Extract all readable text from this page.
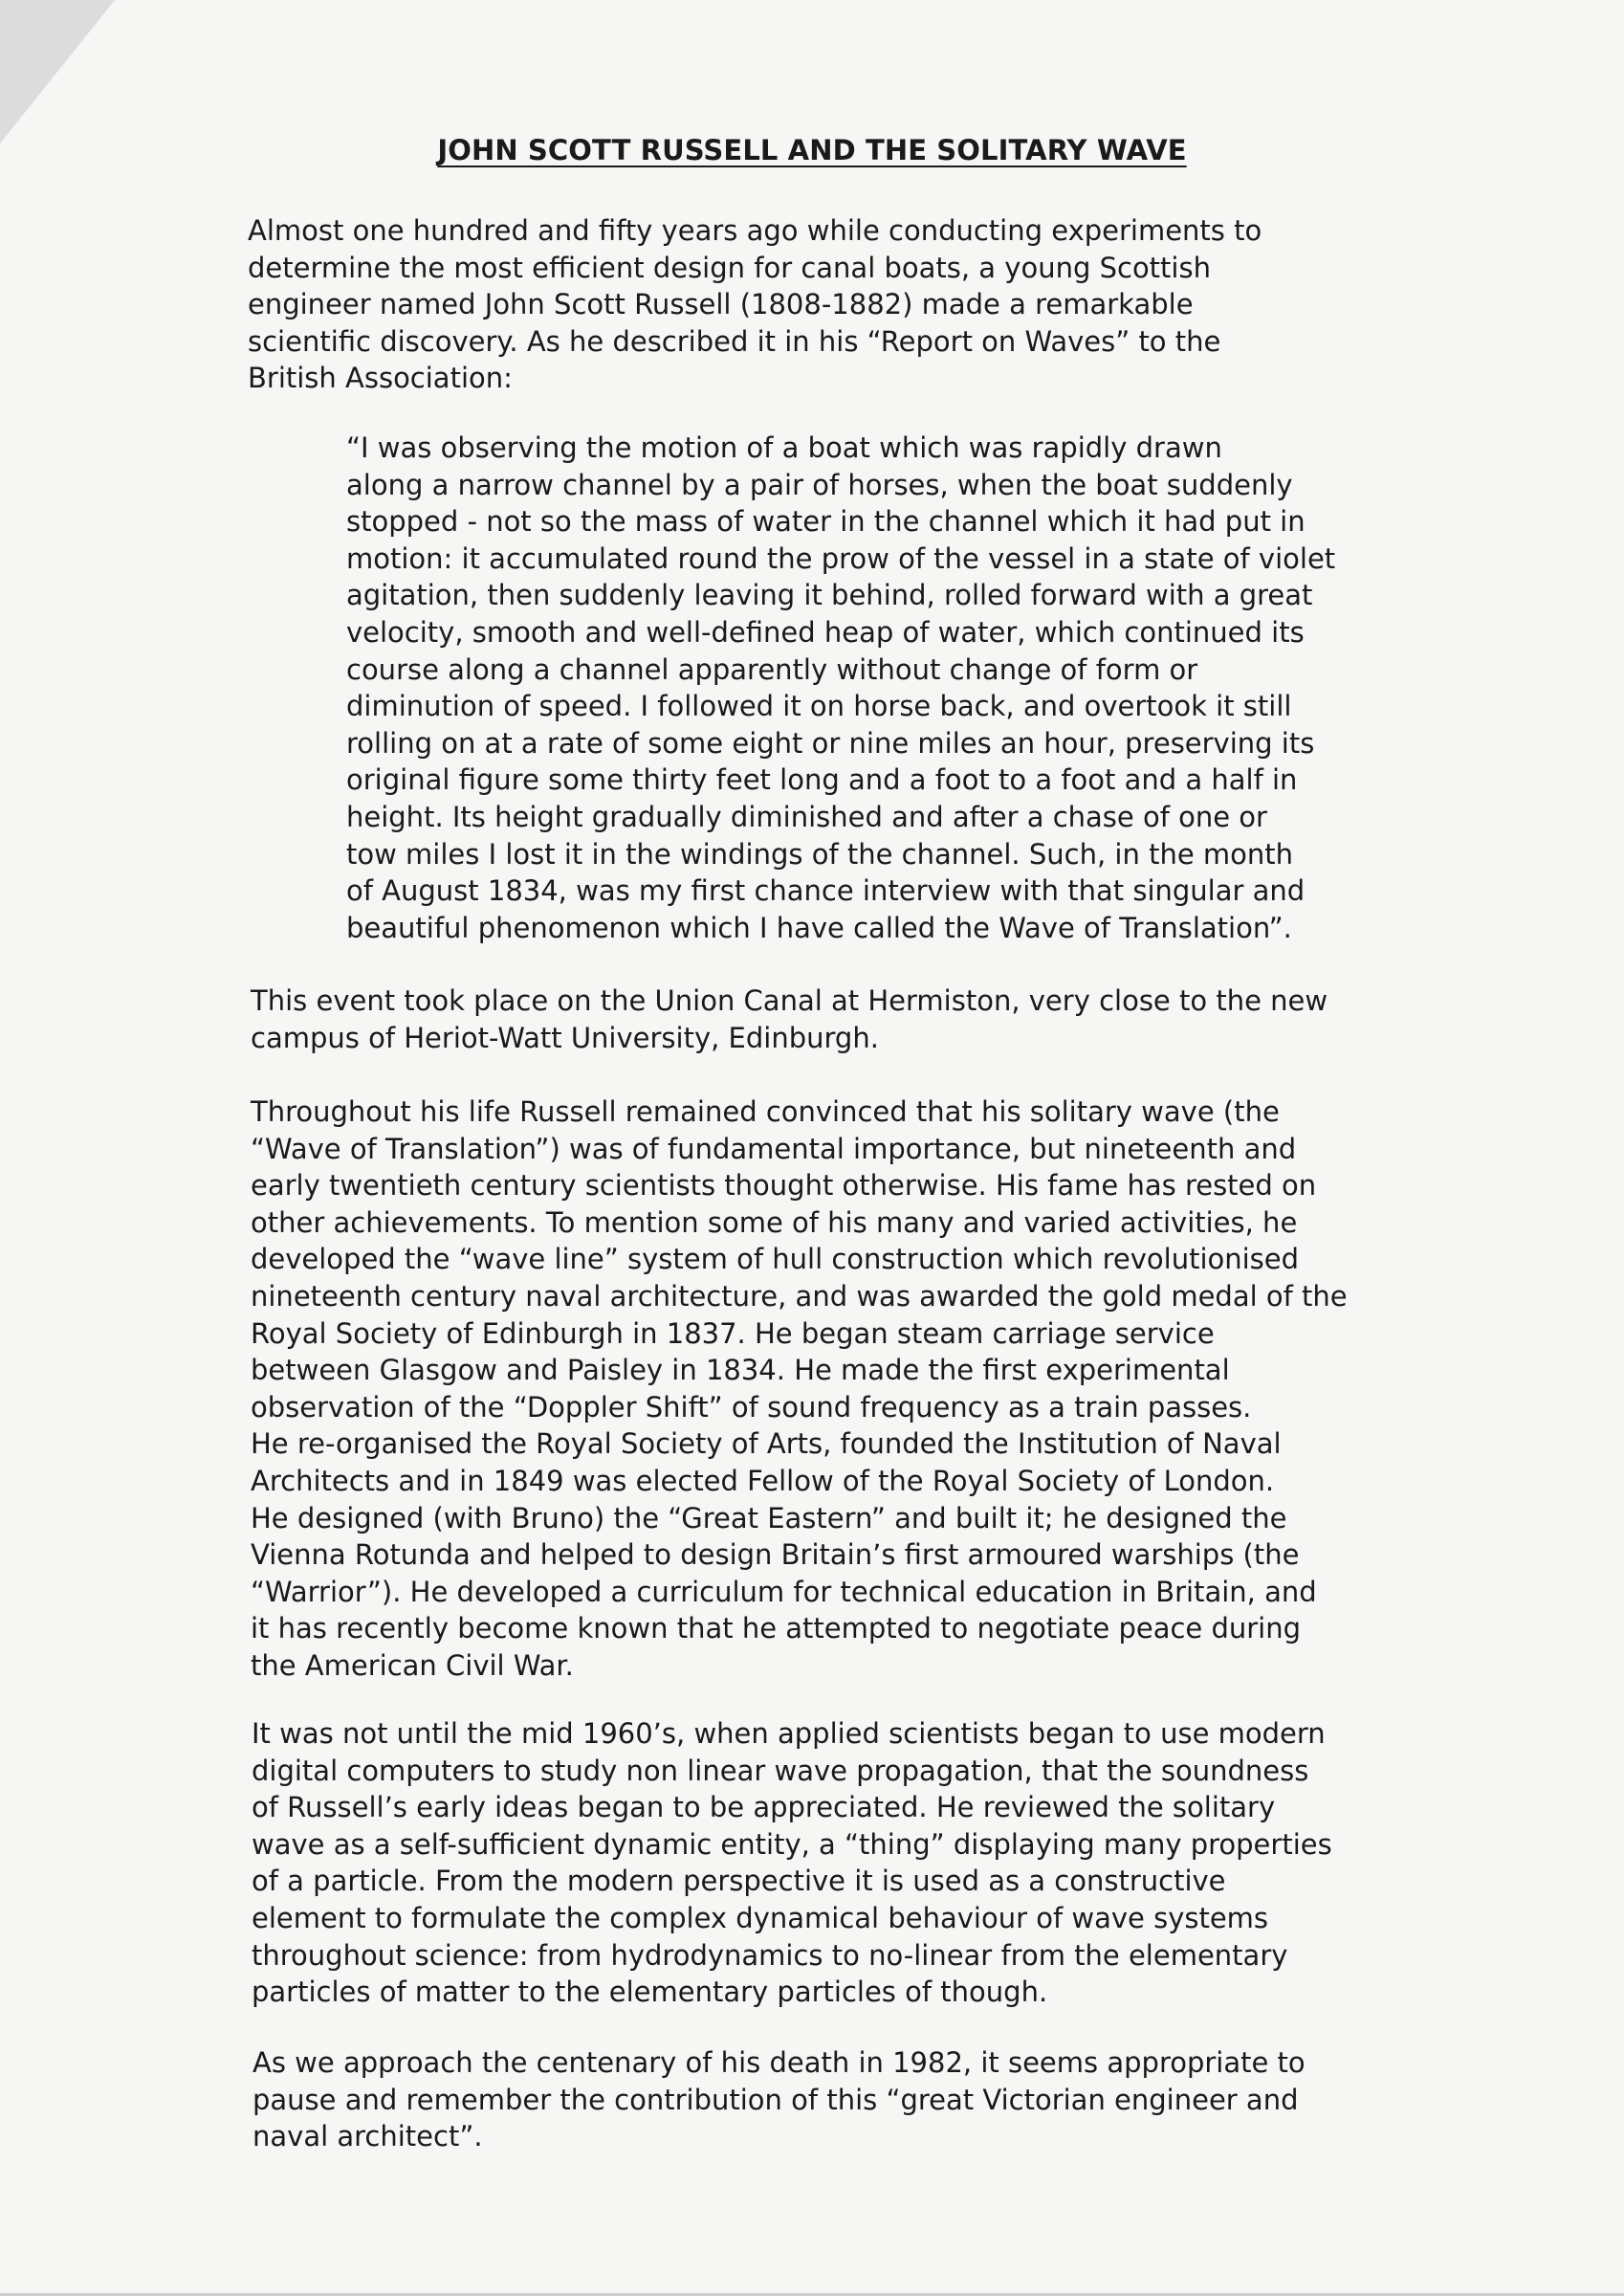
JOHN SCOTT RUSSELL AND THE SOLITARY WAVE
Almost one hundred and fifty years ago while conducting experiments to
determine the most efficient design for canal boats, a young Scottish
engineer named John Scott Russell (1808-1882) made a remarkable
scientific discovery. As he described it in his “Report on Waves” to the
British Association:
“I was observing the motion of a boat which was rapidly drawn
along a narrow channel by a pair of horses, when the boat suddenly
stopped - not so the mass of water in the channel which it had put in
motion: it accumulated round the prow of the vessel in a state of violet
agitation, then suddenly leaving it behind, rolled forward with a great
velocity, smooth and well-defined heap of water, which continued its
course along a channel apparently without change of form or
diminution of speed. I followed it on horse back, and overtook it still
rolling on at a rate of some eight or nine miles an hour, preserving its
original figure some thirty feet long and a foot to a foot and a half in
height. Its height gradually diminished and after a chase of one or
tow miles I lost it in the windings of the channel. Such, in the month
of August 1834, was my first chance interview with that singular and
beautiful phenomenon which I have called the Wave of Translation”.
This event took place on the Union Canal at Hermiston, very close to the new
campus of Heriot-Watt University, Edinburgh.
Throughout his life Russell remained convinced that his solitary wave (the
“Wave of Translation”) was of fundamental importance, but nineteenth and
early twentieth century scientists thought otherwise. His fame has rested on
other achievements. To mention some of his many and varied activities, he
developed the “wave line” system of hull construction which revolutionised
nineteenth century naval architecture, and was awarded the gold medal of the
Royal Society of Edinburgh in 1837. He began steam carriage service
between Glasgow and Paisley in 1834. He made the first experimental
observation of the “Doppler Shift” of sound frequency as a train passes.
He re-organised the Royal Society of Arts, founded the Institution of Naval
Architects and in 1849 was elected Fellow of the Royal Society of London.
He designed (with Bruno) the “Great Eastern” and built it; he designed the
Vienna Rotunda and helped to design Britain’s first armoured warships (the
“Warrior”). He developed a curriculum for technical education in Britain, and
it has recently become known that he attempted to negotiate peace during
the American Civil War.
It was not until the mid 1960’s, when applied scientists began to use modern
digital computers to study non linear wave propagation, that the soundness
of Russell’s early ideas began to be appreciated. He reviewed the solitary
wave as a self-sufficient dynamic entity, a “thing” displaying many properties
of a particle. From the modern perspective it is used as a constructive
element to formulate the complex dynamical behaviour of wave systems
throughout science: from hydrodynamics to no-linear from the elementary
particles of matter to the elementary particles of though.
As we approach the centenary of his death in 1982, it seems appropriate to
pause and remember the contribution of this “great Victorian engineer and
naval architect”.
